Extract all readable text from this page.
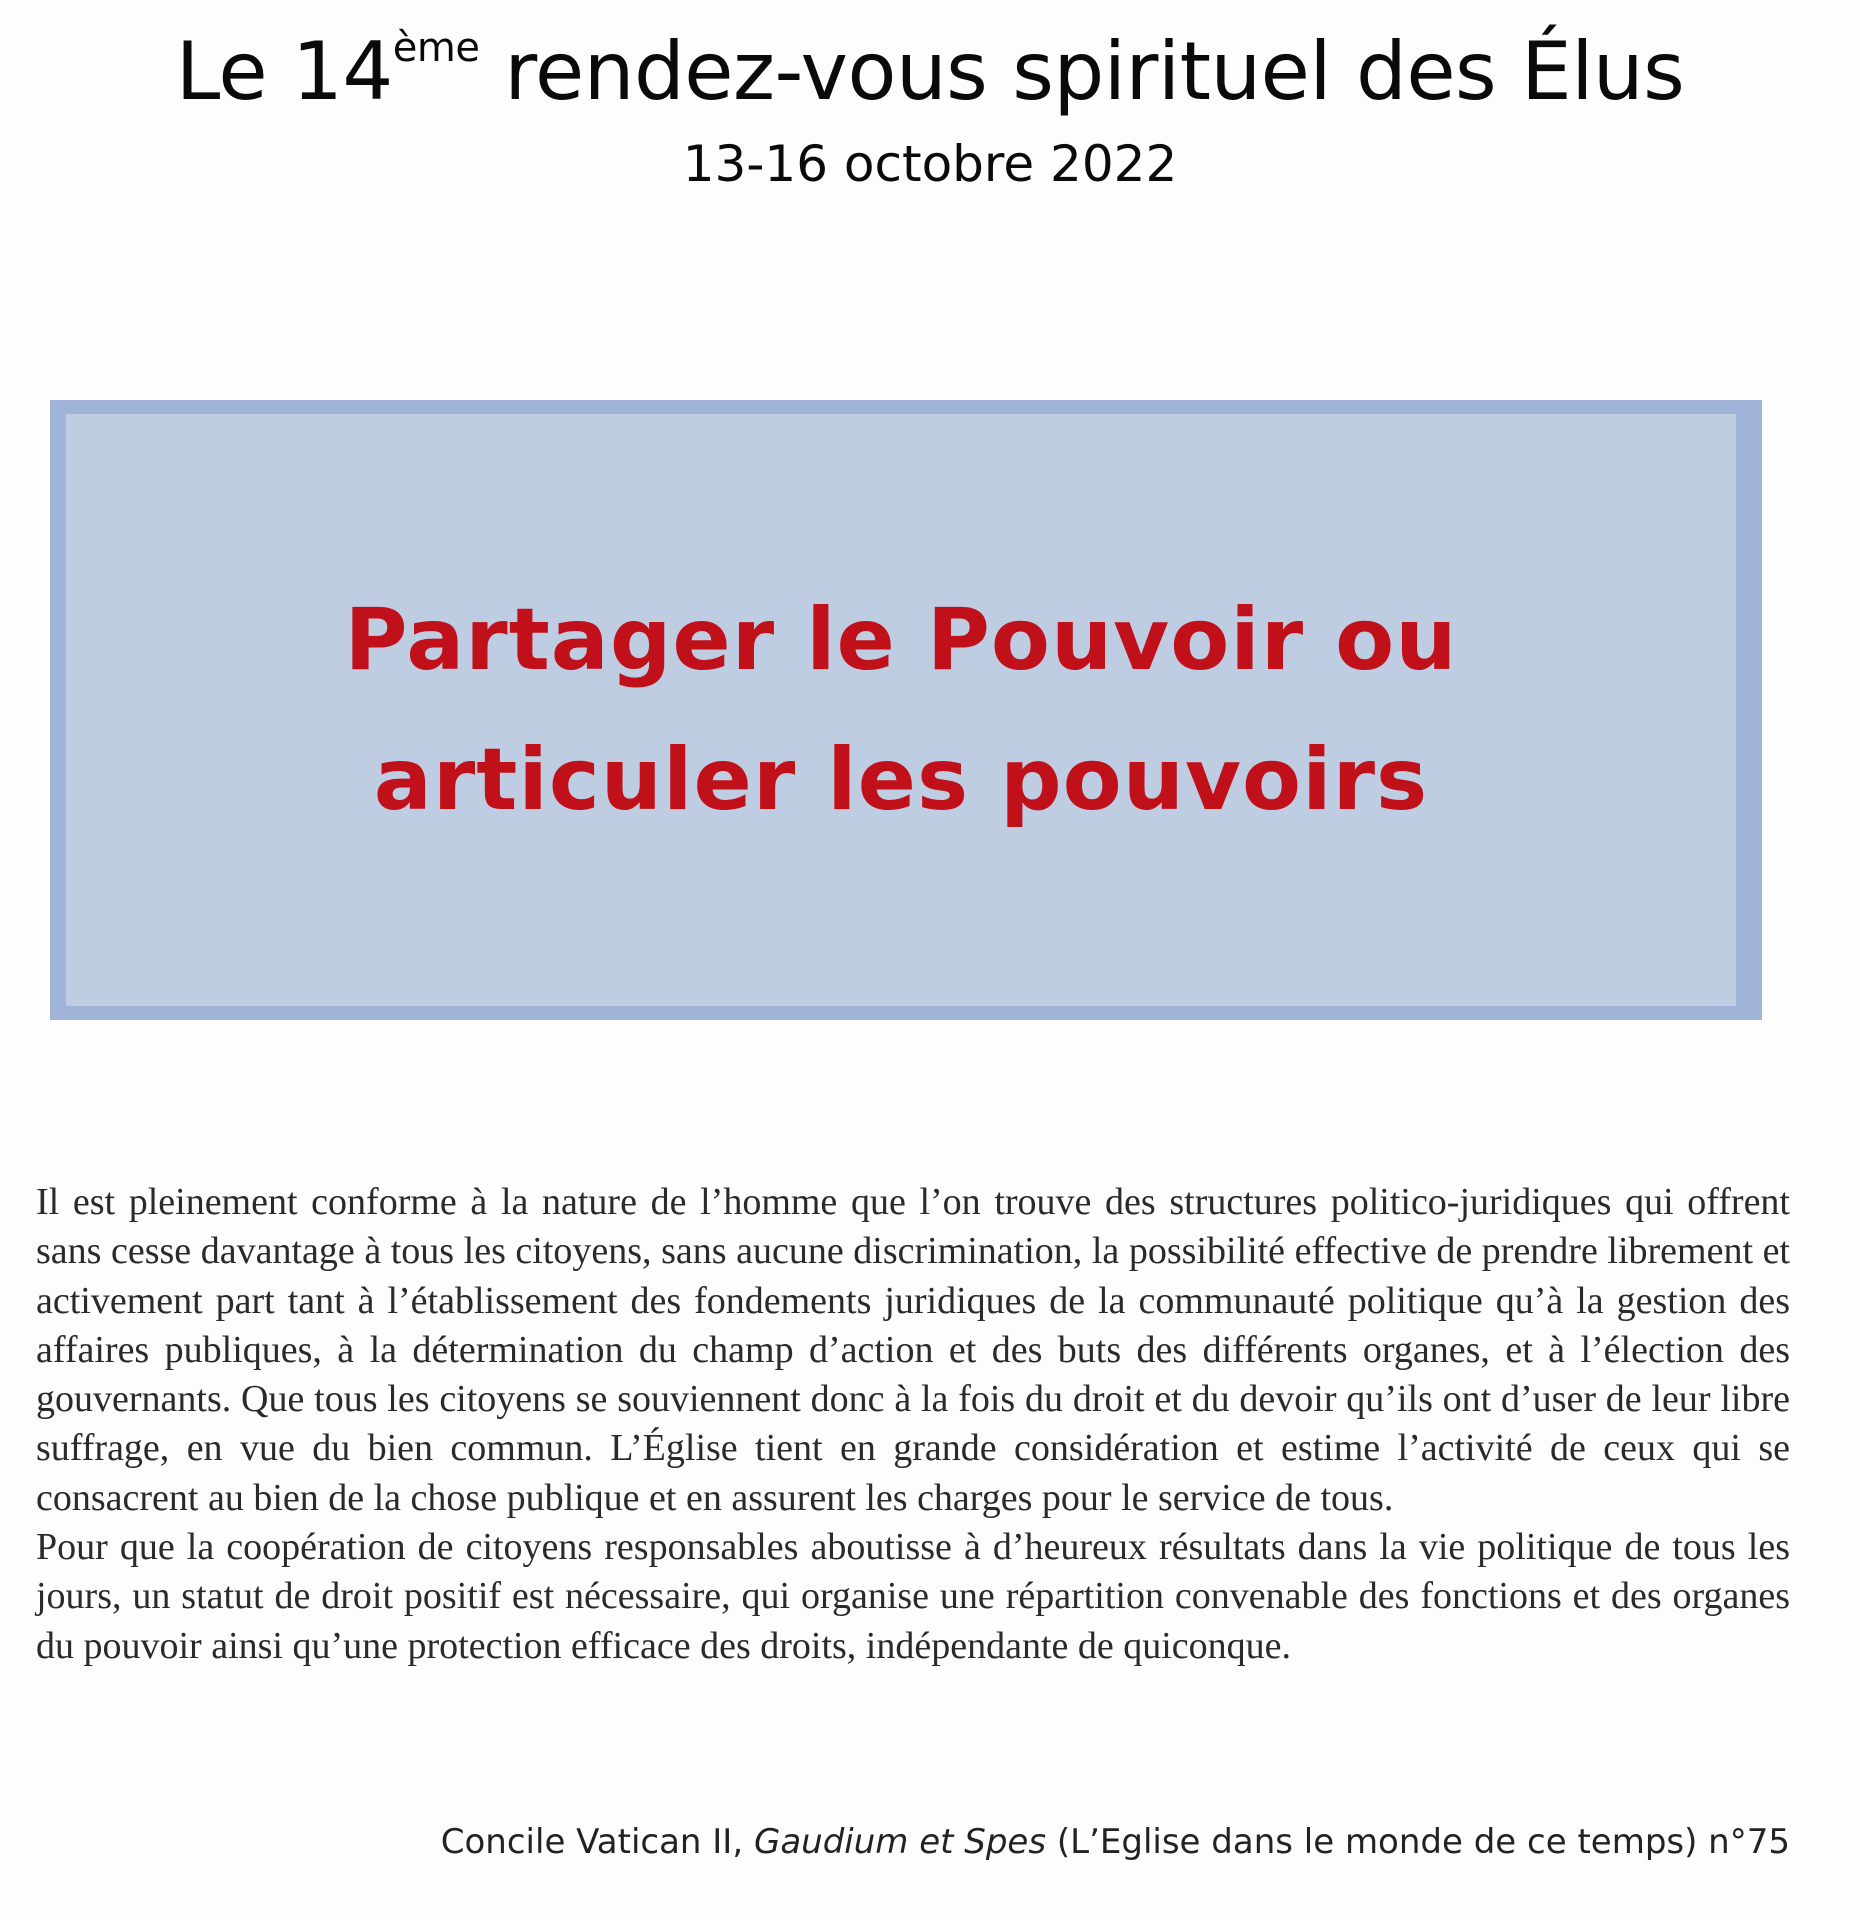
Le 14ème rendez-vous spirituel des Élus
13-16 octobre 2022
Partager le Pouvoir ou
articuler les pouvoirs

Il est pleinement conforme à la nature de l’homme que l’on trouve des structures politico-juridiques qui offrent sans cesse davantage à tous les citoyens, sans aucune discrimination, la possibilité effective de prendre librement et activement part tant à l’établissement des fondements juridiques de la communauté politique qu’à la gestion des affaires publiques, à la détermination du champ d’action et des buts des différents organes, et à l’élection des gouvernants. Que tous les citoyens se souviennent donc à la fois du droit et du devoir qu’ils ont d’user de leur libre suffrage, en vue du bien commun. L’Église tient en grande considération et estime l’activité de ceux qui se consacrent au bien de la chose publique et en assurent les charges pour le service de tous.

Pour que la coopération de citoyens responsables aboutisse à d’heureux résultats dans la vie politique de tous les jours, un statut de droit positif est nécessaire, qui organise une répartition convenable des fonctions et des organes du pouvoir ainsi qu’une protection efficace des droits, indépendante de quiconque.

Concile Vatican II, Gaudium et Spes (L’Eglise dans le monde de ce temps) n°75
